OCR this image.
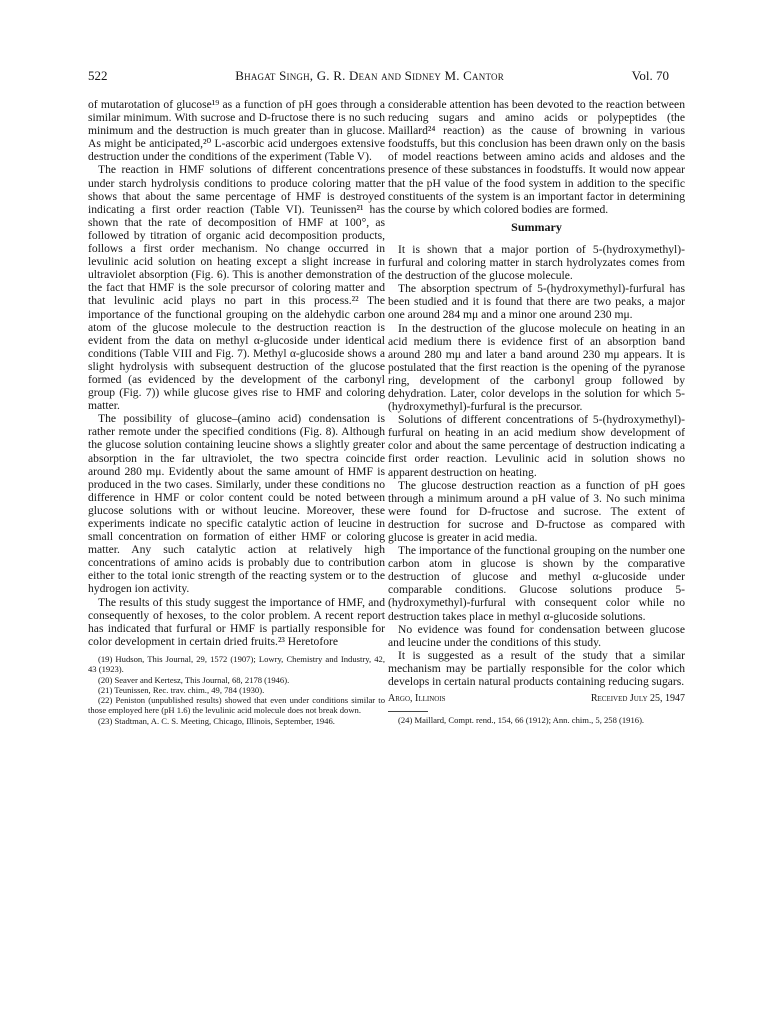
522	Bhagat Singh, G. R. Dean and Sidney M. Cantor	Vol. 70

of mutarotation of glucose¹⁹ as a function of pH goes through a similar minimum. With sucrose and D-fructose there is no such minimum and the destruction is much greater than in glucose. As might be anticipated,²⁰ L-ascorbic acid undergoes extensive destruction under the conditions of the experiment (Table V).

The reaction in HMF solutions of different concentrations under starch hydrolysis conditions to produce coloring matter shows that about the same percentage of HMF is destroyed indicating a first order reaction (Table VI). Teunissen²¹ has shown that the rate of decomposition of HMF at 100°, as followed by titration of organic acid decomposition products, follows a first order mechanism. No change occurred in levulinic acid solution on heating except a slight increase in ultraviolet absorption (Fig. 6). This is another demonstration of the fact that HMF is the sole precursor of coloring matter and that levulinic acid plays no part in this process.²² The importance of the functional grouping on the aldehydic carbon atom of the glucose molecule to the destruction reaction is evident from the data on methyl α-glucoside under identical conditions (Table VIII and Fig. 7). Methyl α-glucoside shows a slight hydrolysis with subsequent destruction of the glucose formed (as evidenced by the development of the carbonyl group (Fig. 7)) while glucose gives rise to HMF and coloring matter.

The possibility of glucose–(amino acid) condensation is rather remote under the specified conditions (Fig. 8). Although the glucose solution containing leucine shows a slightly greater absorption in the far ultraviolet, the two spectra coincide around 280 mμ. Evidently about the same amount of HMF is produced in the two cases. Similarly, under these conditions no difference in HMF or color content could be noted between glucose solutions with or without leucine. Moreover, these experiments indicate no specific catalytic action of leucine in small concentration on formation of either HMF or coloring matter. Any such catalytic action at relatively high concentrations of amino acids is probably due to contribution either to the total ionic strength of the reacting system or to the hydrogen ion activity.

The results of this study suggest the importance of HMF, and consequently of hexoses, to the color problem. A recent report has indicated that furfural or HMF is partially responsible for color development in certain dried fruits.²³ Heretofore

(19) Hudson, This Journal, 29, 1572 (1907); Lowry, Chemistry and Industry, 42, 43 (1923).

(20) Seaver and Kertesz, This Journal, 68, 2178 (1946).

(21) Teunissen, Rec. trav. chim., 49, 784 (1930).

(22) Peniston (unpublished results) showed that even under conditions similar to those employed here (pH 1.6) the levulinic acid molecule does not break down.

(23) Stadtman, A. C. S. Meeting, Chicago, Illinois, September, 1946.

considerable attention has been devoted to the reaction between reducing sugars and amino acids or polypeptides (the Maillard²⁴ reaction) as the cause of browning in various foodstuffs, but this conclusion has been drawn only on the basis of model reactions between amino acids and aldoses and the presence of these substances in foodstuffs. It would now appear that the pH value of the food system in addition to the specific constituents of the system is an important factor in determining the course by which colored bodies are formed.

Summary

It is shown that a major portion of 5-(hydroxymethyl)-furfural and coloring matter in starch hydrolyzates comes from the destruction of the glucose molecule.

The absorption spectrum of 5-(hydroxymethyl)-furfural has been studied and it is found that there are two peaks, a major one around 284 mμ and a minor one around 230 mμ.

In the destruction of the glucose molecule on heating in an acid medium there is evidence first of an absorption band around 280 mμ and later a band around 230 mμ appears. It is postulated that the first reaction is the opening of the pyranose ring, development of the carbonyl group followed by dehydration. Later, color develops in the solution for which 5-(hydroxymethyl)-furfural is the precursor.

Solutions of different concentrations of 5-(hydroxymethyl)-furfural on heating in an acid medium show development of color and about the same percentage of destruction indicating a first order reaction. Levulinic acid in solution shows no apparent destruction on heating.

The glucose destruction reaction as a function of pH goes through a minimum around a pH value of 3. No such minima were found for D-fructose and sucrose. The extent of destruction for sucrose and D-fructose as compared with glucose is greater in acid media.

The importance of the functional grouping on the number one carbon atom in glucose is shown by the comparative destruction of glucose and methyl α-glucoside under comparable conditions. Glucose solutions produce 5-(hydroxymethyl)-furfural with consequent color while no destruction takes place in methyl α-glucoside solutions.

No evidence was found for condensation between glucose and leucine under the conditions of this study.

It is suggested as a result of the study that a similar mechanism may be partially responsible for the color which develops in certain natural products containing reducing sugars.

Argo, Illinois	Received July 25, 1947

(24) Maillard, Compt. rend., 154, 66 (1912); Ann. chim., 5, 258 (1916).
